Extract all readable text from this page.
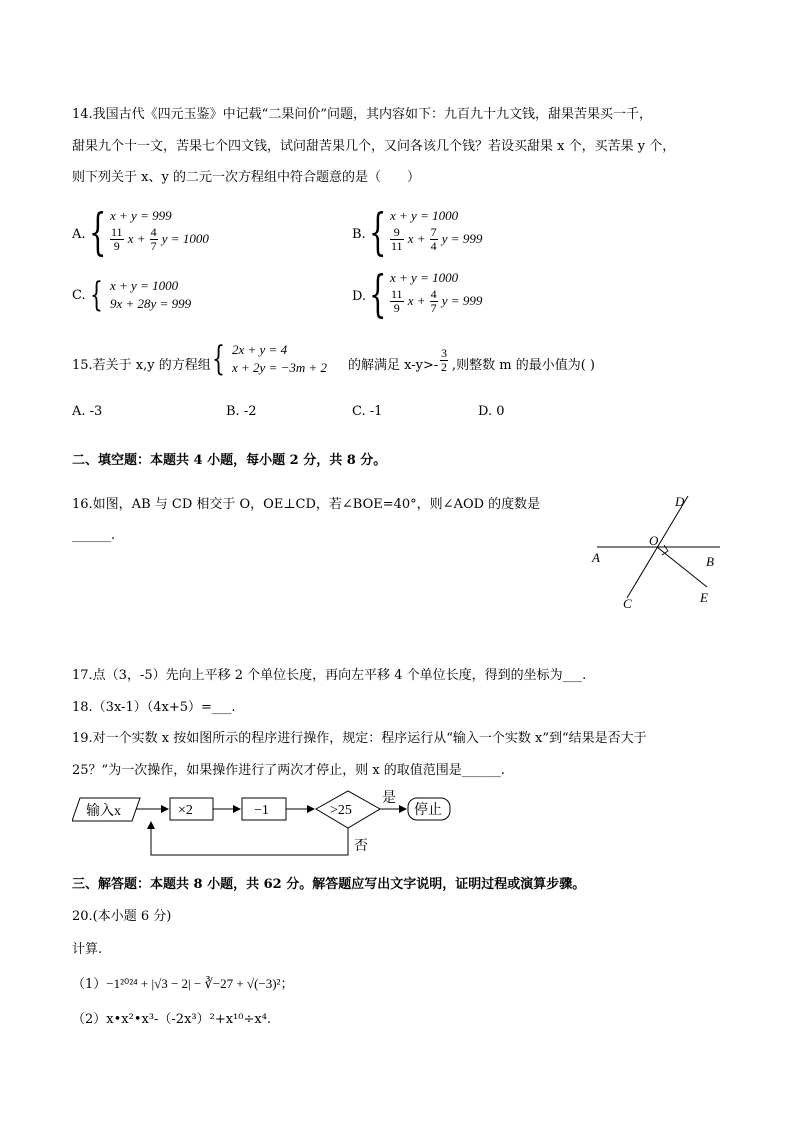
14.我国古代《四元玉鉴》中记载“二果问价”问题，其内容如下：九百九十九文钱，甜果苦果买一千，
甜果九个十一文，苦果七个四文钱，试问甜苦果几个，又问各该几个钱？若设买甜果 x 个，买苦果 y 个，
则下列关于 x、y 的二元一次方程组中符合题意的是（　　）
A. { x + y = 999
$\frac{11}{9}$ $x + \frac{4}{7}$ y = 1000	B. { x + y = 1000
$\frac{9}{11}$ $x + \frac{7}{4}$ y = 999
C. { x + y = 1000
9x + 28y = 999	D. { x + y = 1000
$\frac{11}{9}$ $x + \frac{4}{7}$ y = 999
15.若关于 x,y 的方程组 { 2x + y = 4
x + 2y = −3m + 2 的解满足 $x-y>- \frac{3}{2}$ ,则整数 m 的最小值为( )
A. -3	B. -2	C. -1	D. 0
二、填空题：本题共 4 小题，每小题 2 分，共 8 分。
16.如图，AB 与 CD 相交于 O，OE⊥CD，若∠BOE=40°，则∠AOD 的度数是
______.
D
O
A	B
C	E
17.点（3，-5）先向上平移 2 个单位长度，再向左平移 4 个单位长度，得到的坐标为___.
18.（3x-1）（4x+5）=___.
19.对一个实数 x 按如图所示的程序进行操作，规定：程序运行从“输入一个实数 x”到“结果是否大于
25？”为一次操作，如果操作进行了两次才停止，则 x 的取值范围是______.
输入x	×2	−1	>25
是
停止
否
三、解答题：本题共 8 小题，共 62 分。解答题应写出文字说明，证明过程或演算步骤。
20.(本小题 6 分)
计算.
（1）−1²⁰²⁴ + |√3 − 2| − ∛−27 + √(−3)²；
（2）x•x²•x³-（-2x³）²+x¹⁰÷x⁴.
